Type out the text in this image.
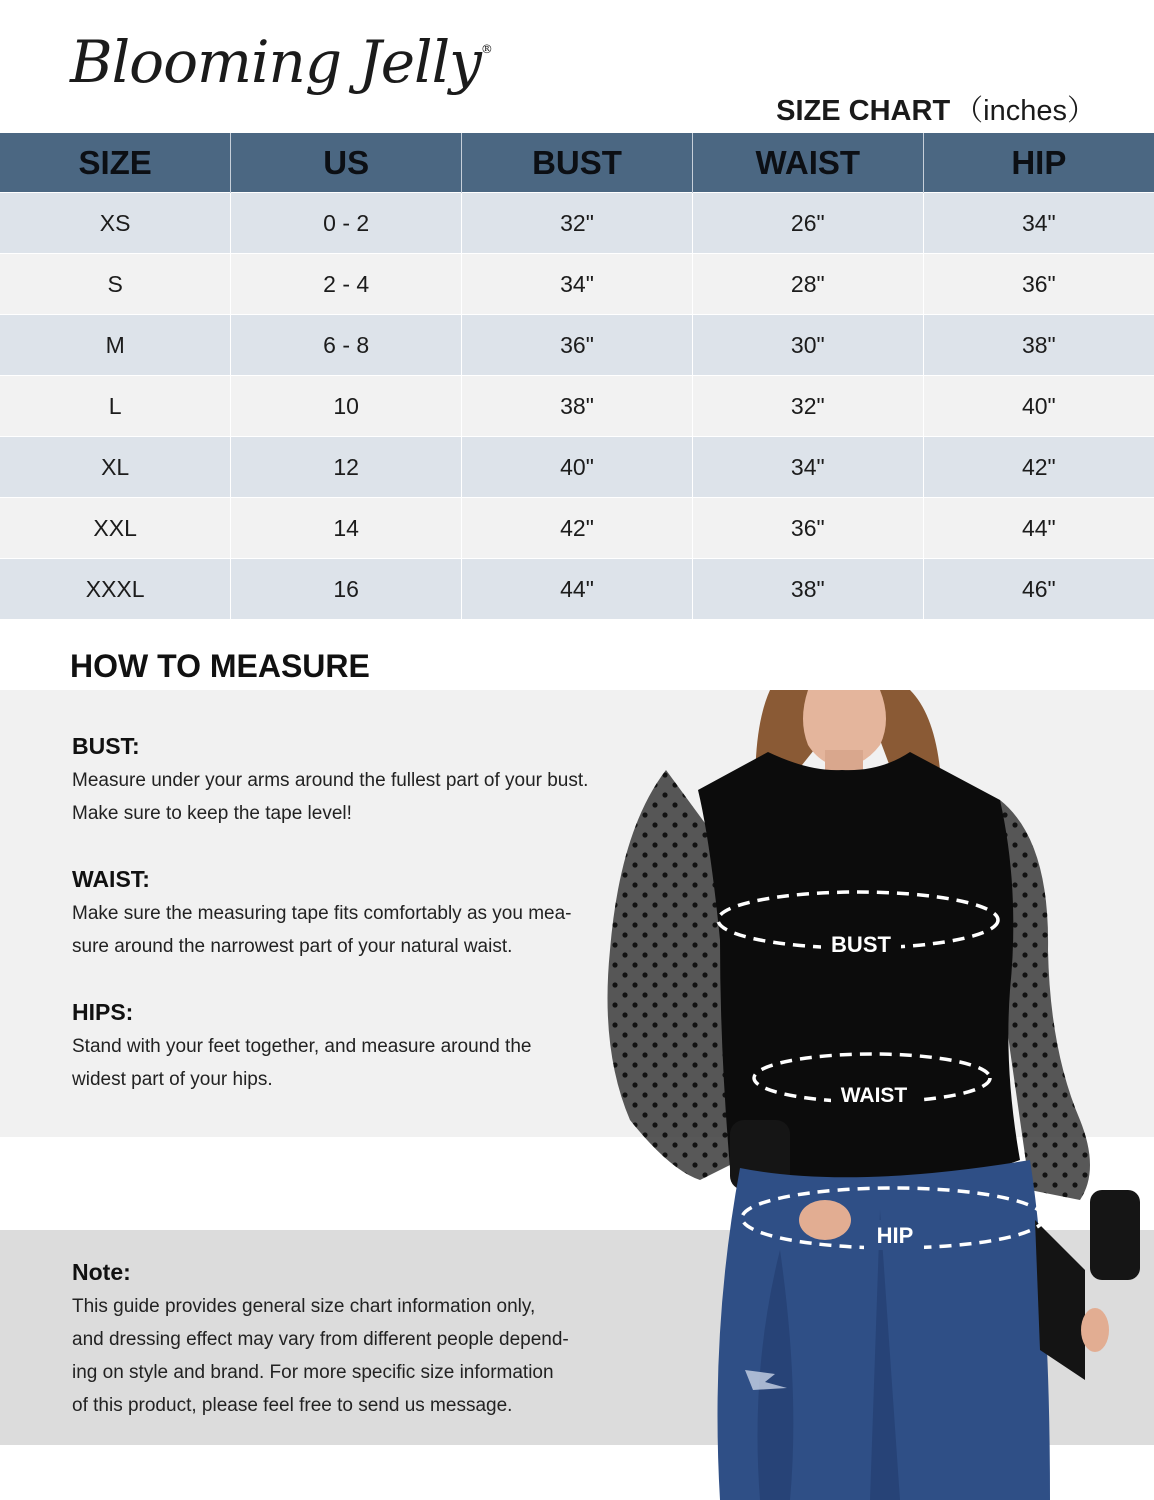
Blooming Jelly®
SIZE CHART （inches）
SIZE	US	BUST	WAIST	HIP
XS	0 - 2	32"	26"	34"
S	2 - 4	34"	28"	36"
M	6 - 8	36"	30"	38"
L	10	38"	32"	40"
XL	12	40"	34"	42"
XXL	14	42"	36"	44"
XXXL	16	44"	38"	46"
HOW TO MEASURE
BUST:

Measure under your arms around the fullest part of your bust.

Make sure to keep the tape level!

WAIST:

Make sure the measuring tape fits comfortably as you mea-

sure around the narrowest part of your natural waist.

HIPS:

Stand with your feet together, and measure around the

widest part of your hips.

Note:

This guide provides general size chart information only,

and dressing effect may vary from different people depend-

ing on style and brand. For more specific size information

of this product, please feel free to send us message.

BUST
WAIST
HIP
